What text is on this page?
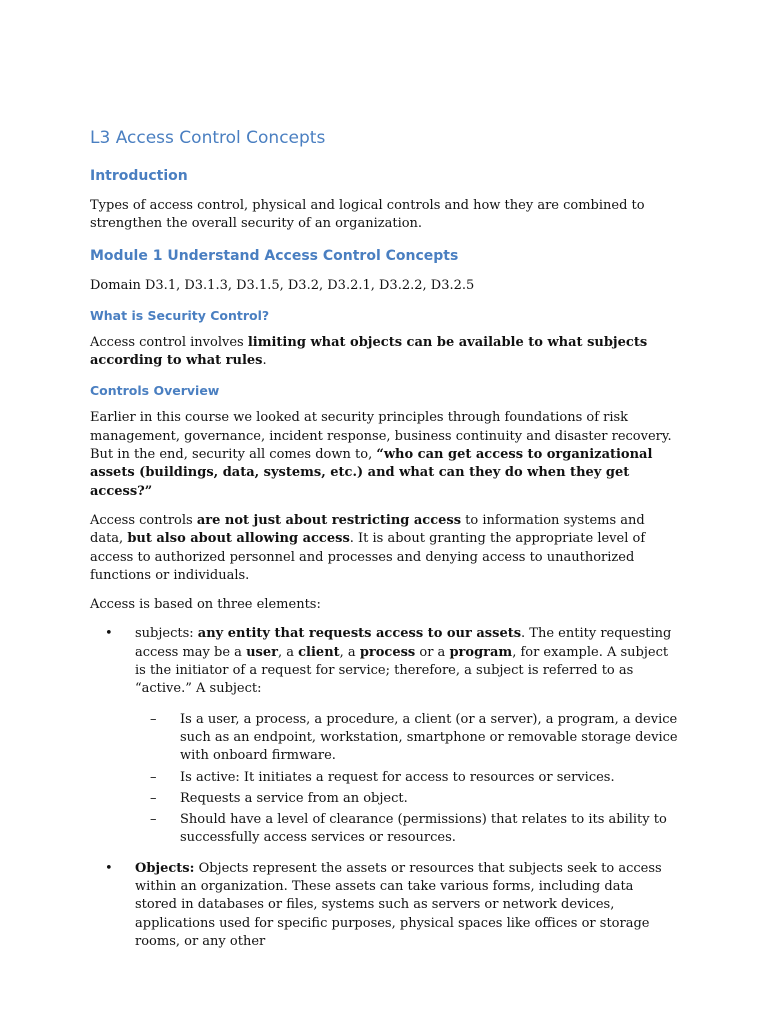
L3 Access Control Concepts
Introduction

Types of access control, physical and logical controls and how they are combined to strengthen the overall security of an organization.

Module 1 Understand Access Control Concepts

Domain D3.1, D3.1.3, D3.1.5, D3.2, D3.2.1, D3.2.2, D3.2.5

What is Security Control?

Access control involves limiting what objects can be available to what subjects according to what rules.

Controls Overview

Earlier in this course we looked at security principles through foundations of risk management, governance, incident response, business continuity and disaster recovery. But in the end, security all comes down to, “who can get access to organizational assets (buildings, data, systems, etc.) and what can they do when they get access?”

Access controls are not just about restricting access to information systems and data, but also about allowing access. It is about granting the appropriate level of access to authorized personnel and processes and denying access to unauthorized functions or individuals.

Access is based on three elements:

• subjects: any entity that requests access to our assets. The entity requesting access may be a user, a client, a process or a program, for example. A subject is the initiator of a request for service; therefore, a subject is referred to as “active.” A subject:
– Is a user, a process, a procedure, a client (or a server), a program, a device such as an endpoint, workstation, smartphone or removable storage device with onboard firmware.
– Is active: It initiates a request for access to resources or services.
– Requests a service from an object.
– Should have a level of clearance (permissions) that relates to its ability to successfully access services or resources.
• Objects: Objects represent the assets or resources that subjects seek to access within an organization. These assets can take various forms, including data stored in databases or files, systems such as servers or network devices, applications used for specific purposes, physical spaces like offices or storage rooms, or any other
